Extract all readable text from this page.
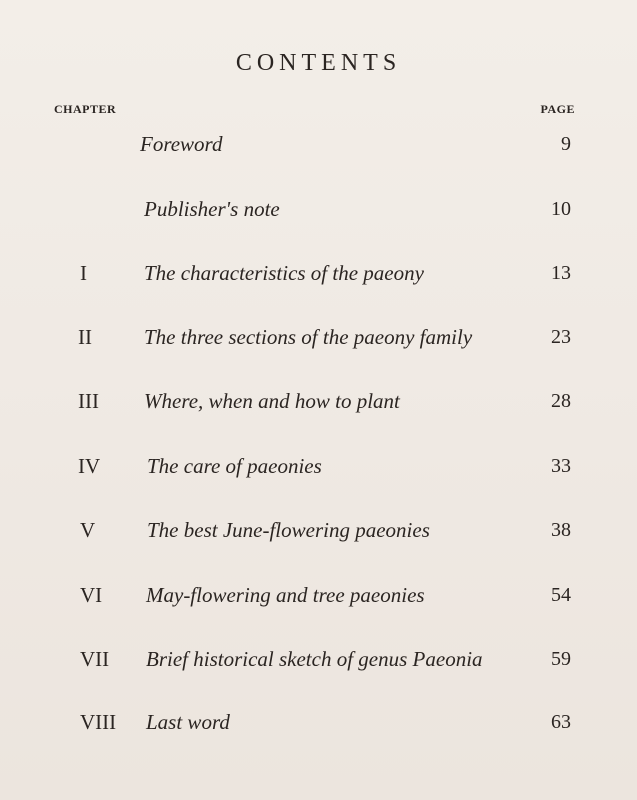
CONTENTS
CHAPTER	PAGE
Foreword	9
Publisher's note	10
I	The characteristics of the paeony	13
II The three sections of the paeony family	23
III Where, when and how to plant	28
IV The care of paeonies	33
V The best June-flowering paeonies	38
VI May-flowering and tree paeonies	54
VII Brief historical sketch of genus Paeonia	59
VIII Last word	63
